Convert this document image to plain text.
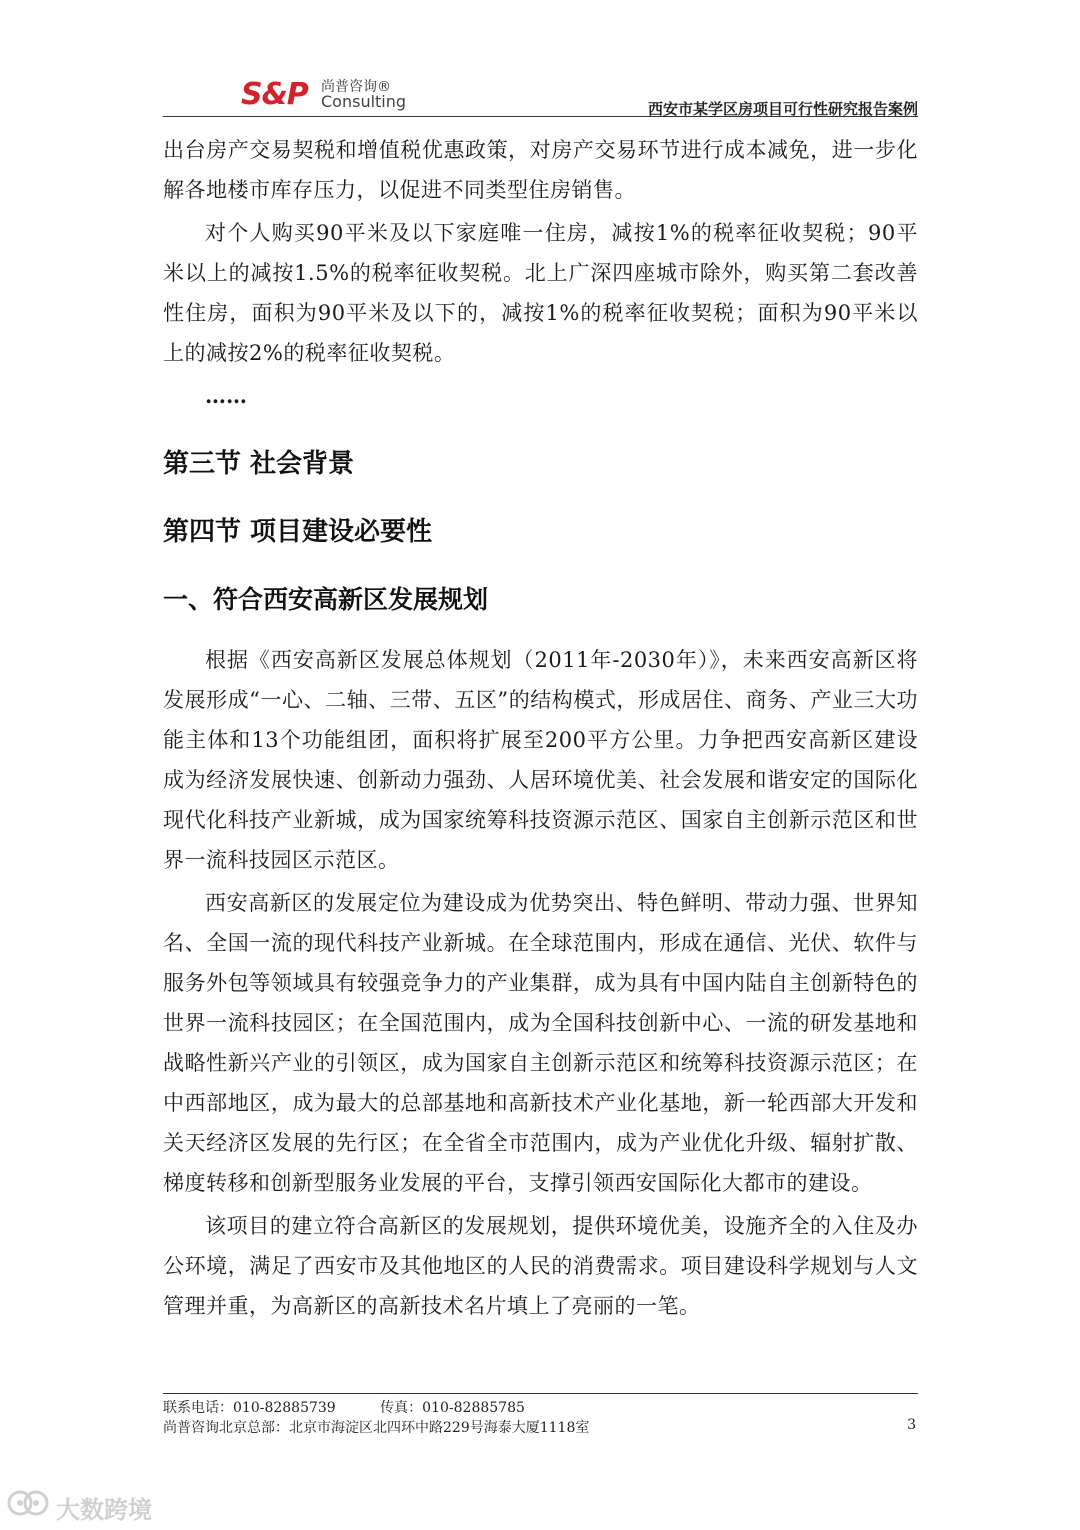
S&P 尚普咨询®
Consulting	西安市某学区房项目可行性研究报告案例

出台房产交易契税和增值税优惠政策，对房产交易环节进行成本减免，进一步化解各地楼市库存压力，以促进不同类型住房销售。

对个人购买90平米及以下家庭唯一住房，减按1%的税率征收契税；90平米以上的减按1.5%的税率征收契税。北上广深四座城市除外，购买第二套改善性住房，面积为90平米及以下的，减按1%的税率征收契税；面积为90平米以上的减按2%的税率征收契税。

……

第三节 社会背景
第四节 项目建设必要性
一、符合西安高新区发展规划

根据《西安高新区发展总体规划（2011年-2030年）》，未来西安高新区将发展形成“一心、二轴、三带、五区”的结构模式，形成居住、商务、产业三大功能主体和13个功能组团，面积将扩展至200平方公里。力争把西安高新区建设成为经济发展快速、创新动力强劲、人居环境优美、社会发展和谐安定的国际化现代化科技产业新城，成为国家统筹科技资源示范区、国家自主创新示范区和世界一流科技园区示范区。

西安高新区的发展定位为建设成为优势突出、特色鲜明、带动力强、世界知名、全国一流的现代科技产业新城。在全球范围内，形成在通信、光伏、软件与服务外包等领域具有较强竞争力的产业集群，成为具有中国内陆自主创新特色的世界一流科技园区；在全国范围内，成为全国科技创新中心、一流的研发基地和战略性新兴产业的引领区，成为国家自主创新示范区和统筹科技资源示范区；在中西部地区，成为最大的总部基地和高新技术产业化基地，新一轮西部大开发和关天经济区发展的先行区；在全省全市范围内，成为产业优化升级、辐射扩散、梯度转移和创新型服务业发展的平台，支撑引领西安国际化大都市的建设。

该项目的建立符合高新区的发展规划，提供环境优美，设施齐全的入住及办公环境，满足了西安市及其他地区的人民的消费需求。项目建设科学规划与人文管理并重，为高新区的高新技术名片填上了亮丽的一笔。

联系电话：010-82885739	传真：010-82885785
尚普咨询北京总部：北京市海淀区北四环中路229号海泰大厦1118室	3
大数跨境
